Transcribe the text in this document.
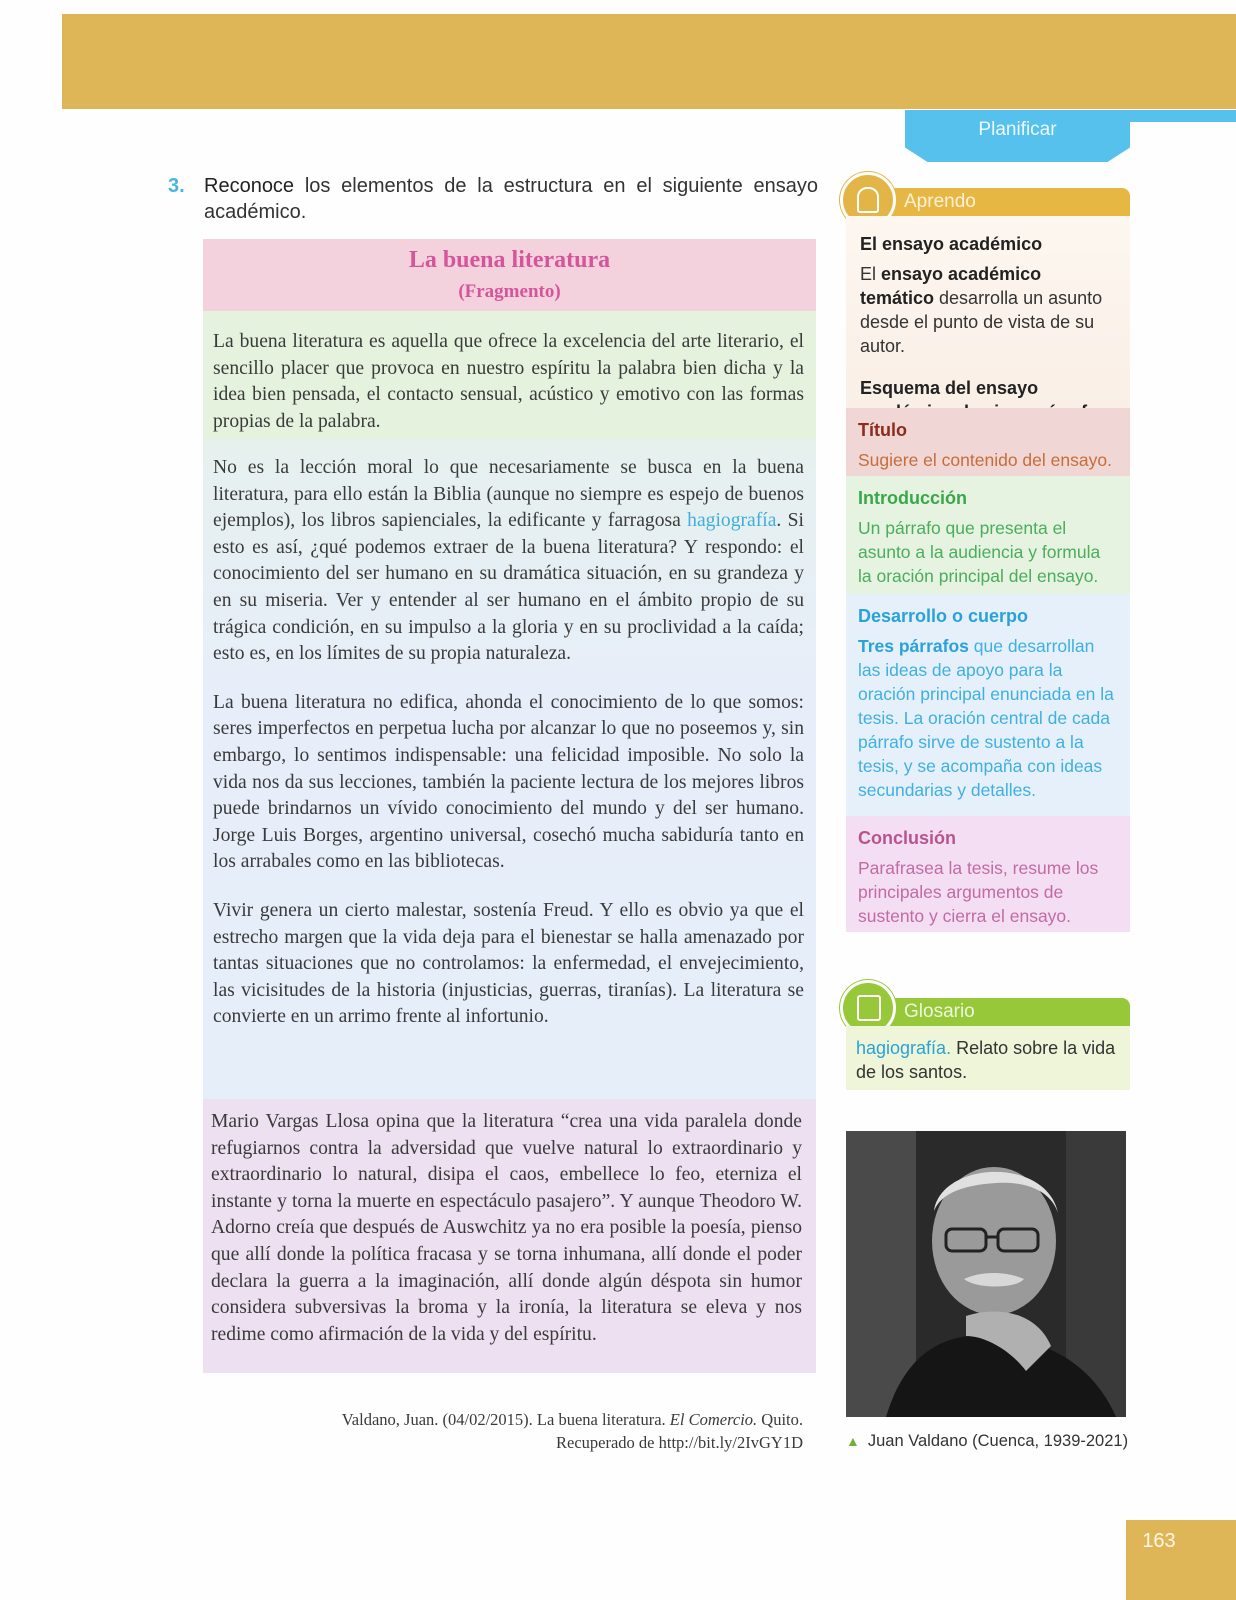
Planificar
3. Reconoce los elementos de la estructura en el siguiente ensayo académico.
La buena literatura
(Fragmento)

La buena literatura es aquella que ofrece la excelencia del arte literario, el sencillo placer que provoca en nuestro espíritu la palabra bien dicha y la idea bien pensada, el contacto sensual, acústico y emotivo con las formas propias de la palabra.

No es la lección moral lo que necesariamente se busca en la buena literatura, para ello están la Biblia (aunque no siempre es espejo de buenos ejemplos), los libros sapienciales, la edificante y farragosa hagiografía. Si esto es así, ¿qué podemos extraer de la buena literatura? Y respondo: el conocimiento del ser humano en su dramática situación, en su grandeza y en su miseria. Ver y entender al ser humano en el ámbito propio de su trágica condición, en su impulso a la gloria y en su proclividad a la caída; esto es, en los límites de su propia naturaleza.

La buena literatura no edifica, ahonda el conocimiento de lo que somos: seres imperfectos en perpetua lucha por alcanzar lo que no poseemos y, sin embargo, lo sentimos indispensable: una felicidad imposible. No solo la vida nos da sus lecciones, también la paciente lectura de los mejores libros puede brindarnos un vívido conocimiento del mundo y del ser humano. Jorge Luis Borges, argentino universal, cosechó mucha sabiduría tanto en los arrabales como en las bibliotecas.

Vivir genera un cierto malestar, sostenía Freud. Y ello es obvio ya que el estrecho margen que la vida deja para el bienestar se halla amenazado por tantas situaciones que no controlamos: la enfermedad, el envejecimiento, las vicisitudes de la historia (injusticias, guerras, tiranías). La literatura se convierte en un arrimo frente al infortunio.

Mario Vargas Llosa opina que la literatura “crea una vida paralela donde refugiarnos contra la adversidad que vuelve natural lo extraordinario y extraordinario lo natural, disipa el caos, embellece lo feo, eterniza el instante y torna la muerte en espectáculo pasajero”. Y aunque Theodoro W. Adorno creía que después de Auswchitz ya no era posible la poesía, pienso que allí donde la política fracasa y se torna inhumana, allí donde el poder declara la guerra a la imaginación, allí donde algún déspota sin humor considera subversivas la broma y la ironía, la literatura se eleva y nos redime como afirmación de la vida y del espíritu.

Valdano, Juan. (04/02/2015). La buena literatura. El Comercio. Quito.
Recuperado de http://bit.ly/2IvGY1D
Aprendo
El ensayo académico
El ensayo académico temático desarrolla un asunto desde el punto de vista de su autor.
Esquema del ensayo
Título
Sugiere el contenido del ensayo.
Introducción
Un párrafo que presenta el asunto a la audiencia y formula la oración principal del ensayo.
Desarrollo o cuerpo
Tres párrafos que desarrollan las ideas de apoyo para la oración principal enunciada en la tesis. La oración central de cada párrafo sirve de sustento a la tesis, y se acompaña con ideas secundarias y detalles.
Conclusión
Parafrasea la tesis, resume los principales argumentos de sustento y cierra el ensayo.
Glosario
hagiografía. Relato sobre la vida de los santos.
▲ Juan Valdano (Cuenca, 1939-2021)
163
